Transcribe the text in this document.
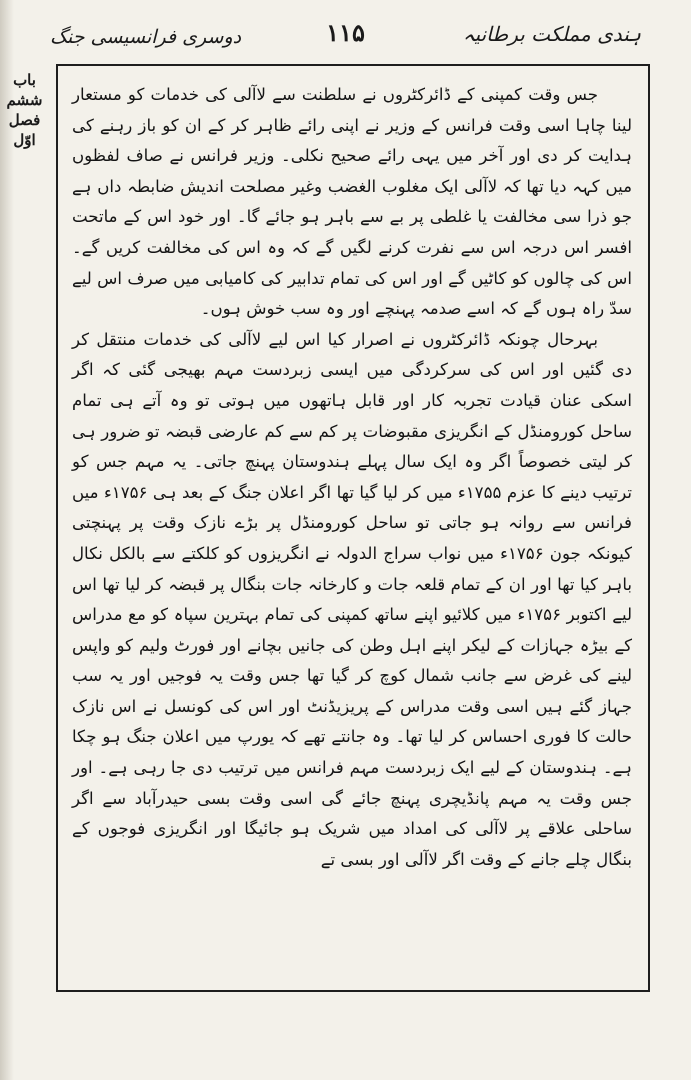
ہندی مملکت برطانیہ
۱۱۵
دوسری فرانسیسی جنگ
باب ششم فصل اوّل

جس وقت کمپنی کے ڈائرکٹروں نے سلطنت سے لاآلی کی خدمات کو مستعار لینا چاہا اسی وقت فرانس کے وزیر نے اپنی رائے ظاہر کر کے ان کو باز رہنے کی ہدایت کر دی اور آخر میں یہی رائے صحیح نکلی۔ وزیر فرانس نے صاف لفظوں میں کہہ دیا تھا کہ لاآلی ایک مغلوب الغضب وغیر مصلحت اندیش ضابطہ داں ہے جو ذرا سی مخالفت یا غلطی پر بے سے باہر ہو جائے گا۔ اور خود اس کے ماتحت افسر اس درجہ اس سے نفرت کرنے لگیں گے کہ وہ اس کی مخالفت کریں گے۔ اس کی چالوں کو کاٹیں گے اور اس کی تمام تدابیر کی کامیابی میں صرف اس لیے سدّ راہ ہوں گے کہ اسے صدمہ پہنچے اور وہ سب خوش ہوں۔

بہرحال چونکہ ڈائرکٹروں نے اصرار کیا اس لیے لاآلی کی خدمات منتقل کر دی گئیں اور اس کی سرکردگی میں ایسی زبردست مہم بھیجی گئی کہ اگر اسکی عنان قیادت تجربہ کار اور قابل ہاتھوں میں ہوتی تو وہ آتے ہی تمام ساحل کورومنڈل کے انگریزی مقبوضات پر کم سے کم عارضی قبضہ تو ضرور ہی کر لیتی خصوصاً اگر وہ ایک سال پہلے ہندوستان پہنچ جاتی۔ یہ مہم جس کو ترتیب دینے کا عزم ۱۷۵۵ء میں کر لیا گیا تھا اگر اعلان جنگ کے بعد ہی ۱۷۵۶ء میں فرانس سے روانہ ہو جاتی تو ساحل کورومنڈل پر بڑے نازک وقت پر پہنچتی کیونکہ جون ۱۷۵۶ء میں نواب سراج الدولہ نے انگریزوں کو کلکتے سے بالکل نکال باہر کیا تھا اور ان کے تمام قلعہ جات و کارخانہ جات بنگال پر قبضہ کر لیا تھا اس لیے اکتوبر ۱۷۵۶ء میں کلائیو اپنے ساتھ کمپنی کی تمام بہترین سپاہ کو مع مدراس کے بیڑہ جہازات کے لیکر اپنے اہل وطن کی جانیں بچانے اور فورٹ ولیم کو واپس لینے کی غرض سے جانب شمال کوچ کر گیا تھا جس وقت یہ فوجیں اور یہ سب جہاز گئے ہیں اسی وقت مدراس کے پریزیڈنٹ اور اس کی کونسل نے اس نازک حالت کا فوری احساس کر لیا تھا۔ وہ جانتے تھے کہ یورپ میں اعلان جنگ ہو چکا ہے۔ ہندوستان کے لیے ایک زبردست مہم فرانس میں ترتیب دی جا رہی ہے۔ اور جس وقت یہ مہم پانڈیچری پہنچ جائے گی اسی وقت بسی حیدرآباد سے اگر ساحلی علاقے پر لاآلی کی امداد میں شریک ہو جائیگا اور انگریزی فوجوں کے بنگال چلے جانے کے وقت اگر لاآلی اور بسی تے
